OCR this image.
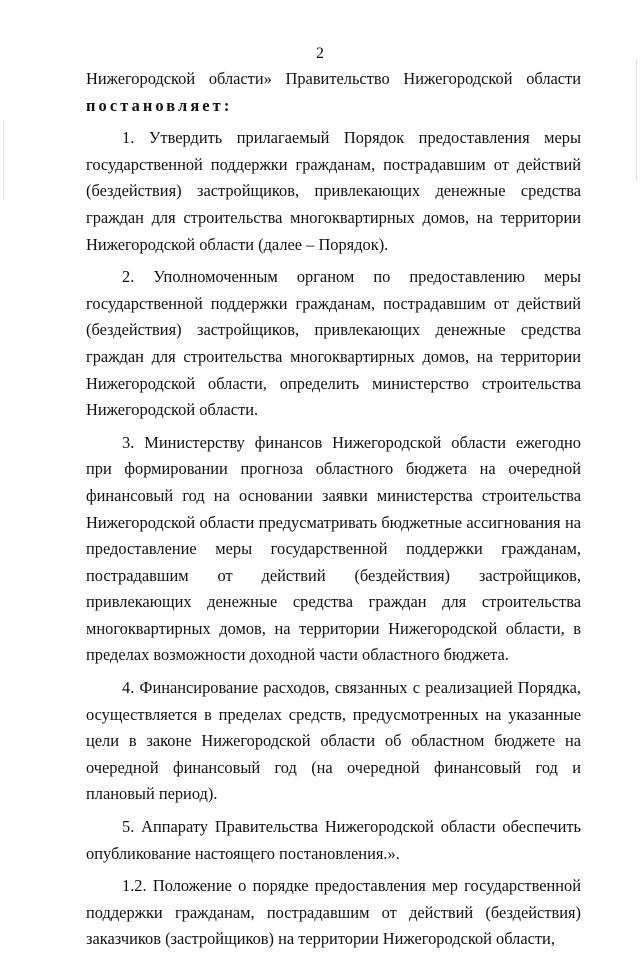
2

Нижегородской области» Правительство Нижегородской области

постановляет:

1. Утвердить прилагаемый Порядок предоставления меры государственной поддержки гражданам, пострадавшим от действий (бездействия) застройщиков, привлекающих денежные средства граждан для строительства многоквартирных домов, на территории Нижегородской области (далее – Порядок).

2. Уполномоченным органом по предоставлению меры государственной поддержки гражданам, пострадавшим от действий (бездействия) застройщиков, привлекающих денежные средства граждан для строительства многоквартирных домов, на территории Нижегородской области, определить министерство строительства Нижегородской области.

3. Министерству финансов Нижегородской области ежегодно при формировании прогноза областного бюджета на очередной финансовый год на основании заявки министерства строительства Нижегородской области предусматривать бюджетные ассигнования на предоставление меры государственной поддержки гражданам, пострадавшим от действий (бездействия) застройщиков, привлекающих денежные средства граждан для строительства многоквартирных домов, на территории Нижегородской области, в пределах возможности доходной части областного бюджета.

4. Финансирование расходов, связанных с реализацией Порядка, осуществляется в пределах средств, предусмотренных на указанные цели в законе Нижегородской области об областном бюджете на очередной финансовый год (на очередной финансовый год и плановый период).

5. Аппарату Правительства Нижегородской области обеспечить опубликование настоящего постановления.».

1.2. Положение о порядке предоставления мер государственной поддержки гражданам, пострадавшим от действий (бездействия) заказчиков (застройщиков) на территории Нижегородской области,
